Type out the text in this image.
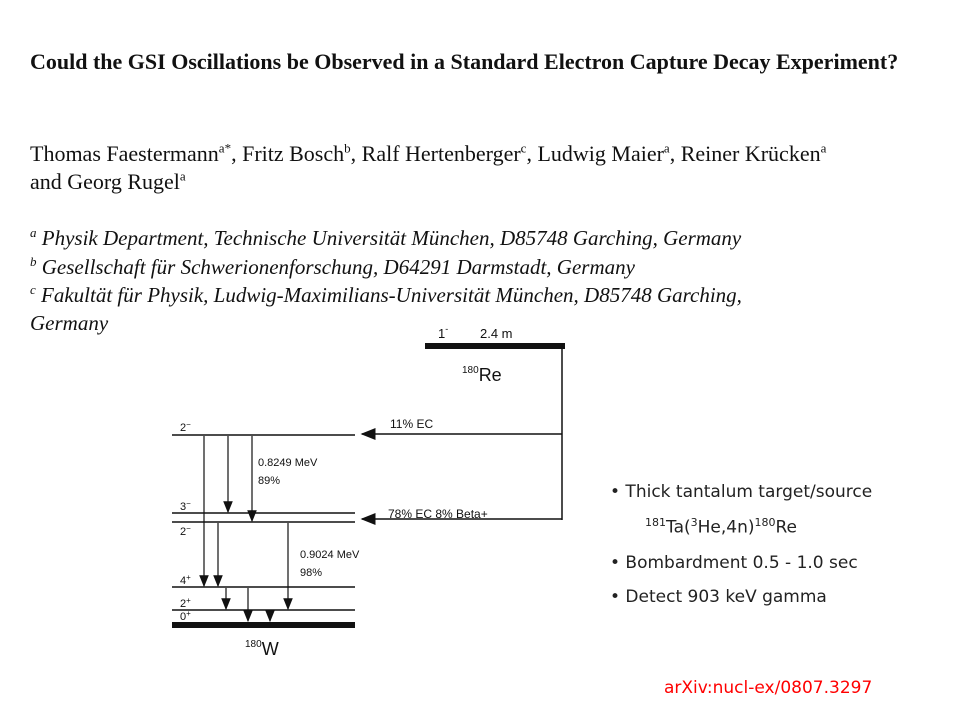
Could the GSI Oscillations be Observed in a Standard Electron Capture Decay Experiment?
Thomas Faestermann$^{a*}$, Fritz Bosch$^b$, Ralf Hertenberger$^c$, Ludwig Maier$^a$, Reiner Krücken$^a$
and Georg Rugel$^a$
$^a$ Physik Department, Technische Universität München, D85748 Garching, Germany
$^b$ Gesellschaft für Schwerionenforschung, D64291 Darmstadt, Germany
$^c$ Fakultät für Physik, Ludwig-Maximilians-Universität München, D85748 Garching,
Germany	1- 2.4 m
$^{180}$Re
11% EC
78% EC 8% Beta+
2−
3−
2−
4+
2+
0+
0.8249 MeV
89%
0.9024 MeV
98%
$^{180}$W
• Thick tantalum target/source
$^{181}Ta(^3He,4n)^{180}Re$
• Bombardment 0.5 - 1.0 sec
• Detect 903 keV gamma
arXiv:nucl-ex/0807.3297
